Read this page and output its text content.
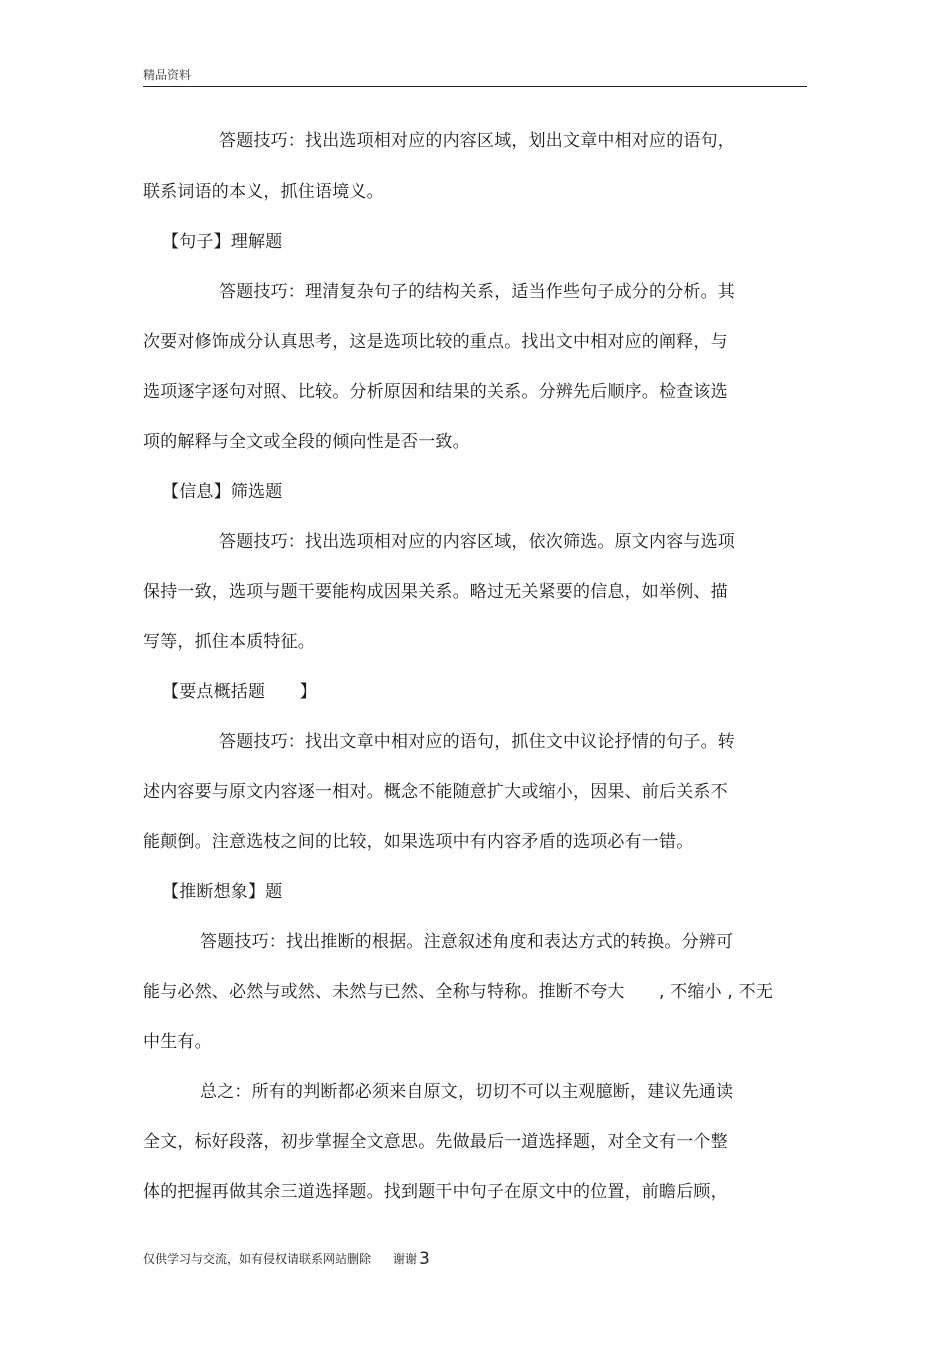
精品资料
答题技巧：找出选项相对应的内容区域，划出文章中相对应的语句，
联系词语的本义，抓住语境义。
【句子】理解题
答题技巧：理清复杂句子的结构关系，适当作些句子成分的分析。其
次要对修饰成分认真思考，这是选项比较的重点。找出文中相对应的阐释，与
选项逐字逐句对照、比较。分析原因和结果的关系。分辨先后顺序。检查该选
项的解释与全文或全段的倾向性是否一致。
【信息】筛选题
答题技巧：找出选项相对应的内容区域，依次筛选。原文内容与选项
保持一致，选项与题干要能构成因果关系。略过无关紧要的信息，如举例、描
写等，抓住本质特征。
【要点概括题　　】
答题技巧：找出文章中相对应的语句，抓住文中议论抒情的句子。转
述内容要与原文内容逐一相对。概念不能随意扩大或缩小，因果、前后关系不
能颠倒。注意选枝之间的比较，如果选项中有内容矛盾的选项必有一错。
【推断想象】题
答题技巧：找出推断的根据。注意叙述角度和表达方式的转换。分辨可
能与必然、必然与或然、未然与已然、全称与特称。推断不夸大　　, 不缩小 , 不无
中生有。
总之：所有的判断都必须来自原文，切切不可以主观臆断，建议先通读
全文，标好段落，初步掌握全文意思。先做最后一道选择题，对全文有一个整
体的把握再做其余三道选择题。找到题干中句子在原文中的位置，前瞻后顾，
仅供学习与交流，如有侵权请联系网站删除 谢谢 3
